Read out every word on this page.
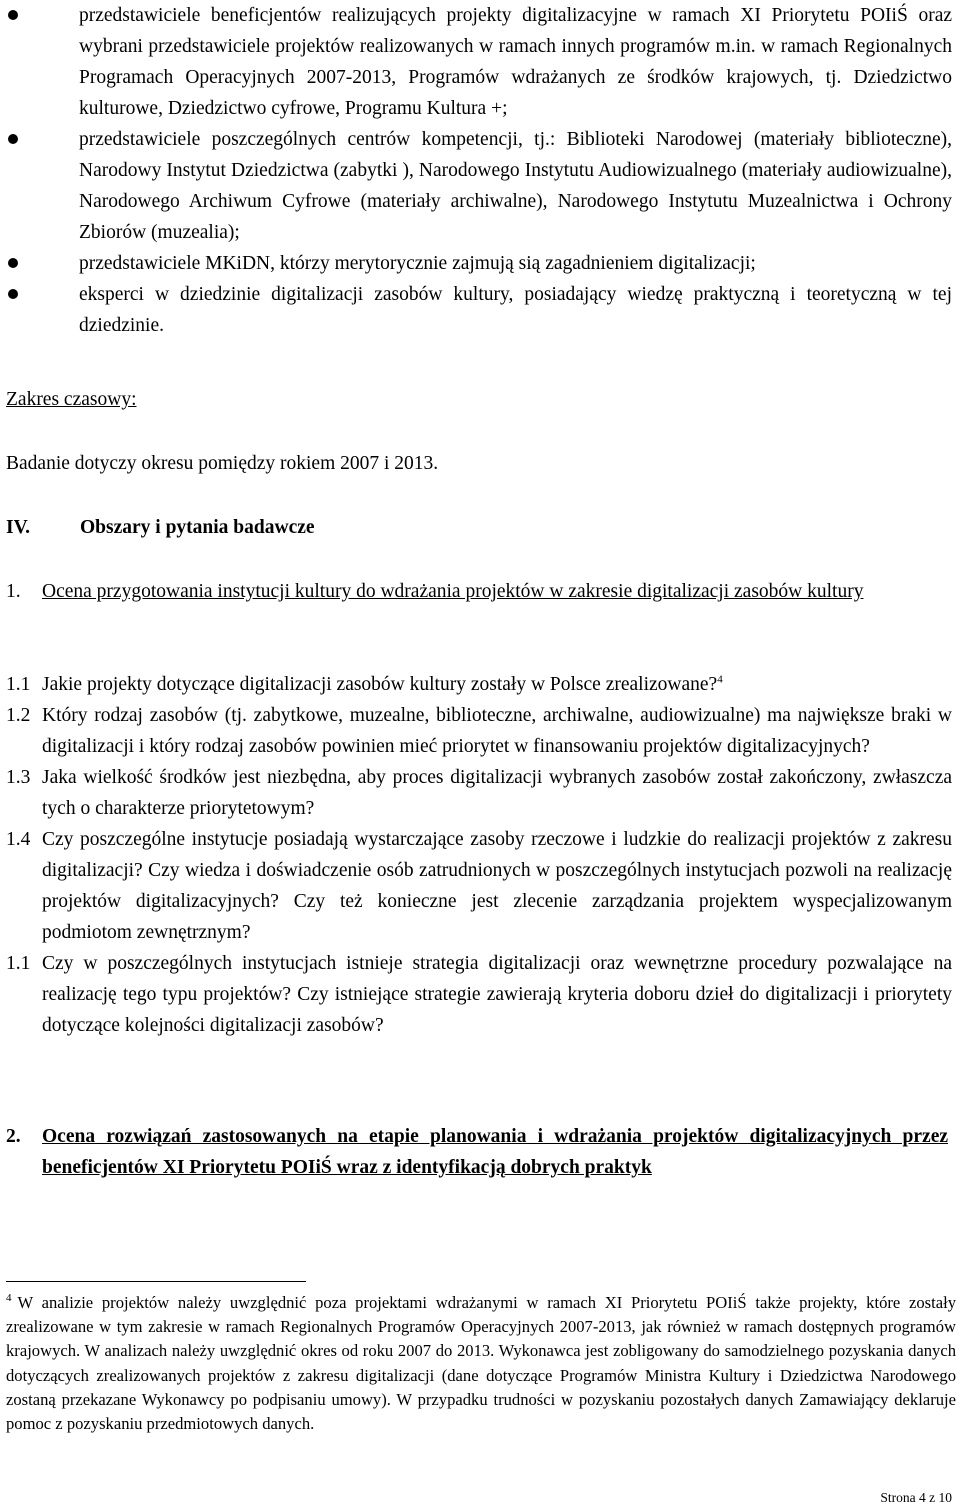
przedstawiciele beneficjentów realizujących projekty digitalizacyjne w ramach XI Priorytetu POIiŚ oraz wybrani przedstawiciele projektów realizowanych w ramach innych programów m.in. w ramach Regionalnych Programach Operacyjnych 2007-2013, Programów wdrażanych ze środków krajowych, tj. Dziedzictwo kulturowe, Dziedzictwo cyfrowe, Programu Kultura +;
przedstawiciele poszczególnych centrów kompetencji, tj.: Biblioteki Narodowej (materiały biblioteczne), Narodowy Instytut Dziedzictwa (zabytki ), Narodowego Instytutu Audiowizualnego (materiały audiowizualne), Narodowego Archiwum Cyfrowe (materiały archiwalne), Narodowego Instytutu Muzealnictwa i Ochrony Zbiorów (muzealia);
przedstawiciele MKiDN, którzy merytorycznie zajmują sią zagadnieniem digitalizacji;
eksperci w dziedzinie digitalizacji zasobów kultury, posiadający wiedzę praktyczną i teoretyczną w tej dziedzinie.
Zakres czasowy:
Badanie dotyczy okresu pomiędzy rokiem 2007 i 2013.
IV.	Obszary i pytania badawcze
1. Ocena przygotowania instytucji kultury do wdrażania projektów w zakresie digitalizacji zasobów kultury
1.1 Jakie projekty dotyczące digitalizacji zasobów kultury zostały w Polsce zrealizowane?$^4$
1.2 Który rodzaj zasobów (tj. zabytkowe, muzealne, biblioteczne, archiwalne, audiowizualne) ma największe braki w digitalizacji i który rodzaj zasobów powinien mieć priorytet w finansowaniu projektów digitalizacyjnych?
1.3 Jaka wielkość środków jest niezbędna, aby proces digitalizacji wybranych zasobów został zakończony, zwłaszcza tych o charakterze priorytetowym?
1.4 Czy poszczególne instytucje posiadają wystarczające zasoby rzeczowe i ludzkie do realizacji projektów z zakresu digitalizacji? Czy wiedza i doświadczenie osób zatrudnionych w poszczególnych instytucjach pozwoli na realizację projektów digitalizacyjnych? Czy też konieczne jest zlecenie zarządzania projektem wyspecjalizowanym podmiotom zewnętrznym?
1.1 Czy w poszczególnych instytucjach istnieje strategia digitalizacji oraz wewnętrzne procedury pozwalające na realizację tego typu projektów? Czy istniejące strategie zawierają kryteria doboru dzieł do digitalizacji i priorytety dotyczące kolejności digitalizacji zasobów?
2. Ocena rozwiązań zastosowanych na etapie planowania i wdrażania projektów digitalizacyjnych przez beneficjentów XI Priorytetu POIiŚ wraz z identyfikacją dobrych praktyk
$^4$ W analizie projektów należy uwzględnić poza projektami wdrażanymi w ramach XI Priorytetu POIiŚ także projekty, które zostały zrealizowane w tym zakresie w ramach Regionalnych Programów Operacyjnych 2007-2013, jak również w ramach dostępnych programów krajowych. W analizach należy uwzględnić okres od roku 2007 do 2013. Wykonawca jest zobligowany do samodzielnego pozyskania danych dotyczących zrealizowanych projektów z zakresu digitalizacji (dane dotyczące Programów Ministra Kultury i Dziedzictwa Narodowego zostaną przekazane Wykonawcy po podpisaniu umowy). W przypadku trudności w pozyskaniu pozostałych danych Zamawiający deklaruje pomoc z pozyskaniu przedmiotowych danych.
Strona 4 z 10
